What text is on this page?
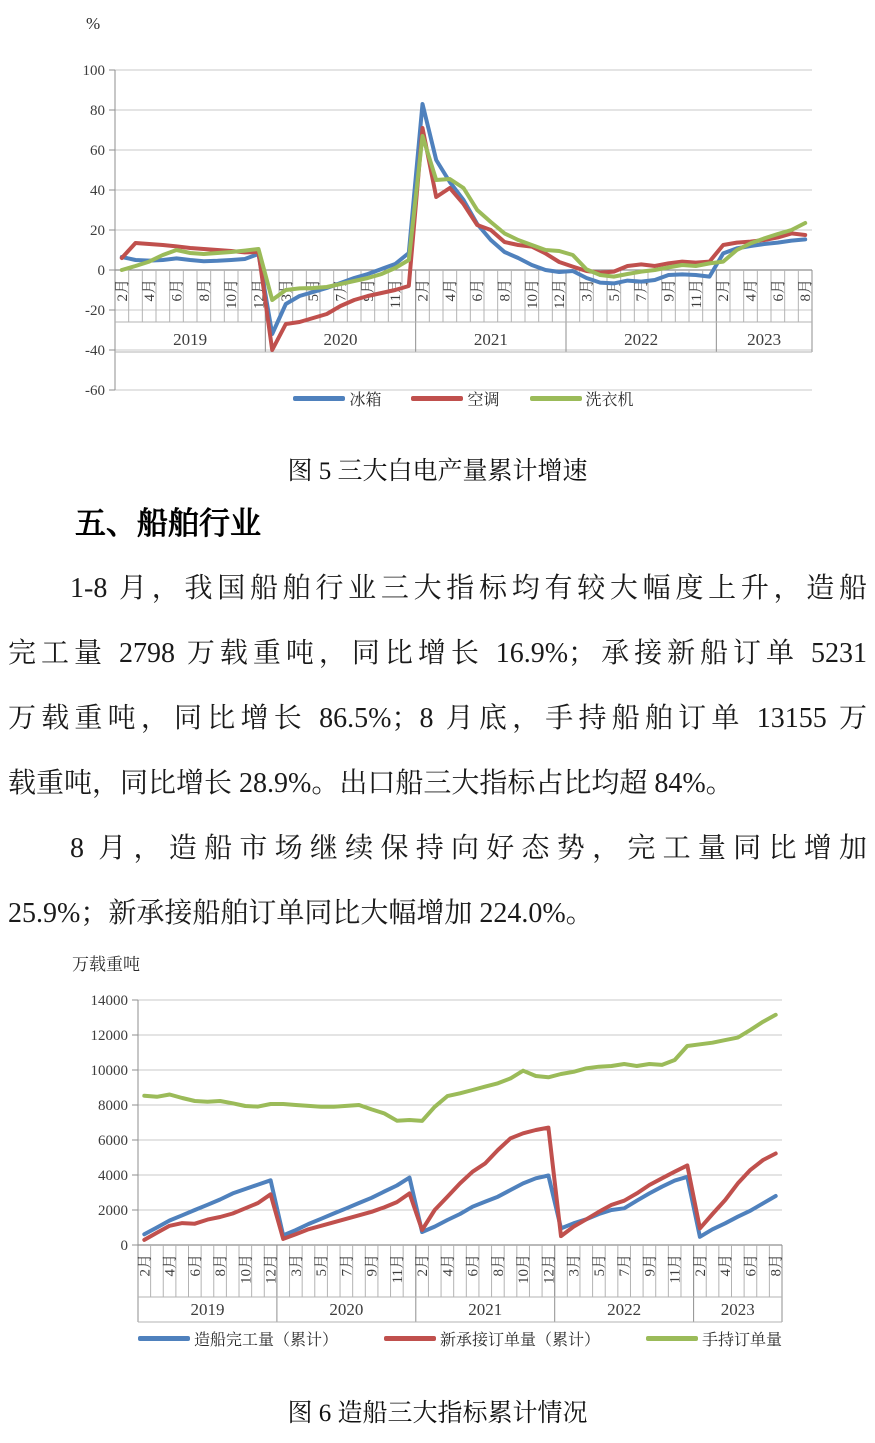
-60
-40
-20
0
20
40
60
80
100
2月 4月 6月 8月 10月 12月 3月 5月 7月 9月 11月 2月 4月 6月 8月 10月 12月 3月 5月 7月 9月 11月 2月 4月 6月 8月
2019	2020	2021	2022	2023
0
2000
4000
6000
8000
10000
12000
14000
2月 4月 6月 8月 10月 12月 3月 5月 7月 9月 11月 2月 4月 6月 8月 10月 12月 3月 5月 7月 9月 11月 2月 4月 6月 8月
2019	2020	2021	2022	2023
%
冰箱	空调	洗衣机
图 5 三大白电产量累计增速
五、船舶行业
1-8 月，我国船舶行业三大指标均有较大幅度上升，造船
完工量 2798 万载重吨，同比增长 16.9%；承接新船订单 5231
万载重吨，同比增长 86.5%；8 月底，手持船舶订单 13155 万
载重吨，同比增长 28.9%。出口船三大指标占比均超 84%。
8 月，造船市场继续保持向好态势，完工量同比增加
25.9%；新承接船舶订单同比大幅增加 224.0%。
万载重吨
造船完工量（累计）	新承接订单量（累计）	手持订单量
图 6 造船三大指标累计情况
